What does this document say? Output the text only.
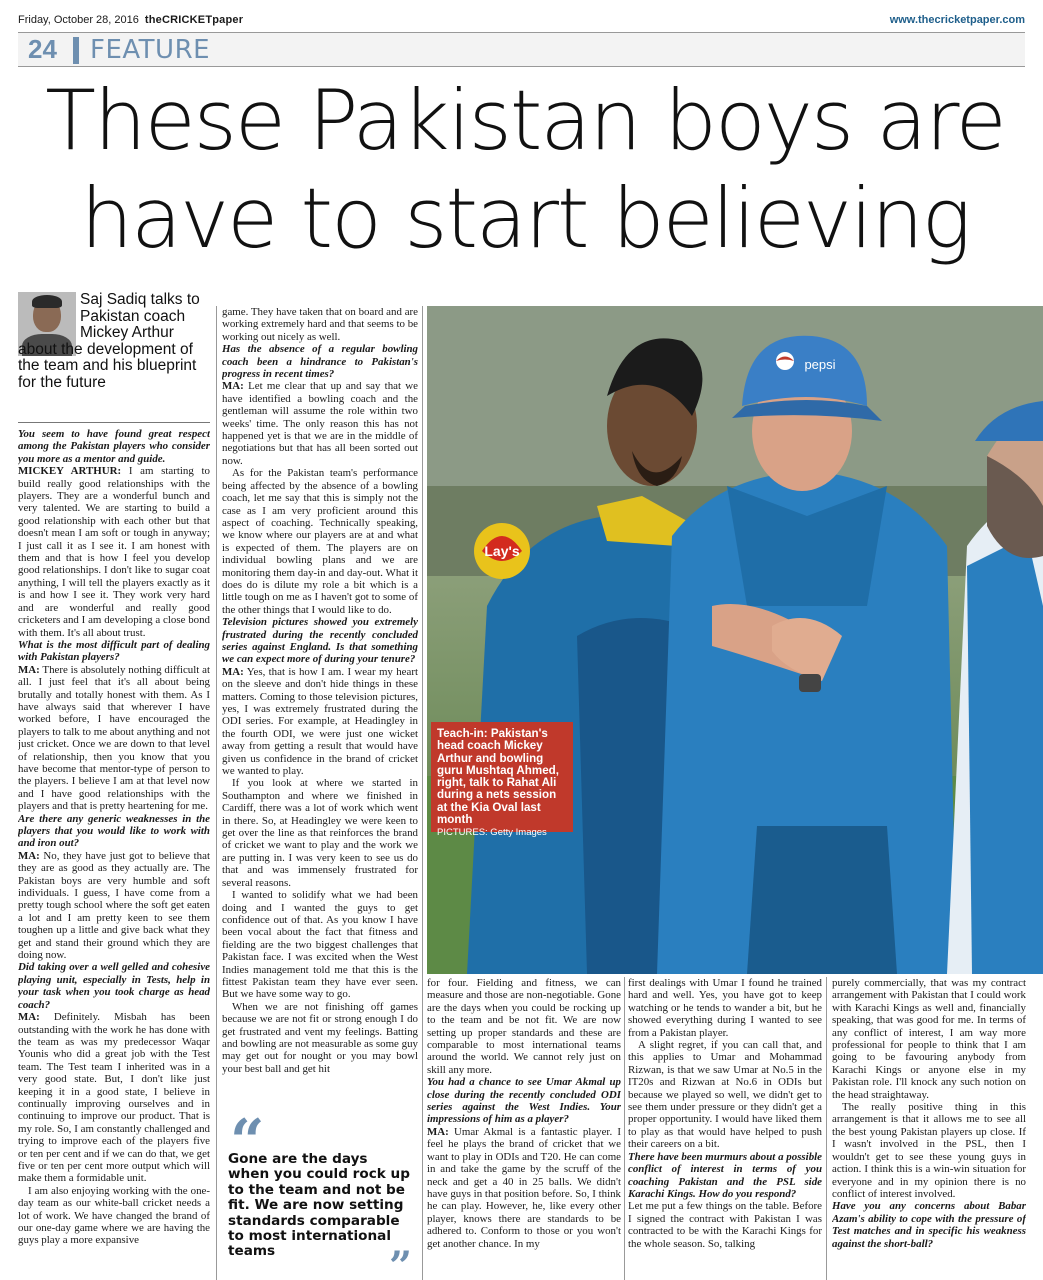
Friday, October 28, 2016 theCRICKETpaper	www.thecricketpaper.com
24 FEATURE
These Pakistan boys are have to start believing
Saj Sadiq talks to
Pakistan coach
Mickey Arthur
about the development of the team and his blueprint for the future

You seem to have found great respect among the Pakistan players who consider you more as a mentor and guide.

MICKEY ARTHUR: I am starting to build really good relationships with the players. They are a wonderful bunch and very talented. We are starting to build a good relationship with each other but that doesn't mean I am soft or tough in anyway; I just call it as I see it. I am honest with them and that is how I feel you develop good relationships. I don't like to sugar coat anything, I will tell the players exactly as it is and how I see it. They work very hard and are wonderful and really good cricketers and I am developing a close bond with them. It's all about trust.

What is the most difficult part of dealing with Pakistan players?

MA: There is absolutely nothing difficult at all. I just feel that it's all about being brutally and totally honest with them. As I have always said that wherever I have worked before, I have encouraged the players to talk to me about anything and not just cricket. Once we are down to that level of relationship, then you know that you have become that mentor-type of person to the players. I believe I am at that level now and I have good relationships with the players and that is pretty heartening for me.

Are there any generic weaknesses in the players that you would like to work with and iron out?

MA: No, they have just got to believe that they are as good as they actually are. The Pakistan boys are very humble and soft individuals. I guess, I have come from a pretty tough school where the soft get eaten a lot and I am pretty keen to see them toughen up a little and give back what they get and stand their ground which they are doing now.

Did taking over a well gelled and cohesive playing unit, especially in Tests, help in your task when you took charge as head coach?

MA: Definitely. Misbah has been outstanding with the work he has done with the team as was my predecessor Waqar Younis who did a great job with the Test team. The Test team I inherited was in a very good state. But, I don't like just keeping it in a good state, I believe in continually improving ourselves and in continuing to improve our product. That is my role. So, I am constantly challenged and trying to improve each of the players five or ten per cent and if we can do that, we get five or ten per cent more output which will make them a formidable unit.

I am also enjoying working with the one-day team as our white-ball cricket needs a lot of work. We have changed the brand of our one-day game where we are having the guys play a more expansive

game. They have taken that on board and are working extremely hard and that seems to be working out nicely as well.

Has the absence of a regular bowling coach been a hindrance to Pakistan's progress in recent times?

MA: Let me clear that up and say that we have identified a bowling coach and the gentleman will assume the role within two weeks' time. The only reason this has not happened yet is that we are in the middle of negotiations but that has all been sorted out now.

As for the Pakistan team's performance being affected by the absence of a bowling coach, let me say that this is simply not the case as I am very proficient around this aspect of coaching. Technically speaking, we know where our players are at and what is expected of them. The players are on individual bowling plans and we are monitoring them day-in and day-out. What it does do is dilute my role a bit which is a little tough on me as I haven't got to some of the other things that I would like to do.

Television pictures showed you extremely frustrated during the recently concluded series against England. Is that something we can expect more of during your tenure?

MA: Yes, that is how I am. I wear my heart on the sleeve and don't hide things in these matters. Coming to those television pictures, yes, I was extremely frustrated during the ODI series. For example, at Headingley in the fourth ODI, we were just one wicket away from getting a result that would have given us confidence in the brand of cricket we wanted to play.

If you look at where we started in Southampton and where we finished in Cardiff, there was a lot of work which went in there. So, at Headingley we were keen to get over the line as that reinforces the brand of cricket we want to play and the work we are putting in. I was very keen to see us do that and was immensely frustrated for several reasons.

I wanted to solidify what we had been doing and I wanted the guys to get confidence out of that. As you know I have been vocal about the fact that fitness and fielding are the two biggest challenges that Pakistan face. I was excited when the West Indies management told me that this is the fittest Pakistan team they have ever seen. But we have some way to go.

When we are not finishing off games because we are not fit or strong enough I do get frustrated and vent my feelings. Batting and bowling are not measurable as some guy may get out for nought or you may bowl your best ball and get hit

Lay's
pepsi
Teach-in: Pakistan's head coach Mickey Arthur and bowling guru Mushtaq Ahmed, right, talk to Rahat Ali during a nets session at the Kia Oval last month
PICTURES: Getty Images
“
Gone are the days when you could rock up to the team and not be fit. We are now setting standards comparable to most international teams	”

for four. Fielding and fitness, we can measure and those are non-negotiable. Gone are the days when you could be rocking up to the team and be not fit. We are now setting up proper standards and these are comparable to most international teams around the world. We cannot rely just on skill any more.

You had a chance to see Umar Akmal up close during the recently concluded ODI series against the West Indies. Your impressions of him as a player?

MA: Umar Akmal is a fantastic player. I feel he plays the brand of cricket that we want to play in ODIs and T20. He can come in and take the game by the scruff of the neck and get a 40 in 25 balls. We didn't have guys in that position before. So, I think he can play. However, he, like every other player, knows there are standards to be adhered to. Conform to those or you won't get another chance. In my

first dealings with Umar I found he trained hard and well. Yes, you have got to keep watching or he tends to wander a bit, but he showed everything during I wanted to see from a Pakistan player.

A slight regret, if you can call that, and this applies to Umar and Mohammad Rizwan, is that we saw Umar at No.5 in the IT20s and Rizwan at No.6 in ODIs but because we played so well, we didn't get to see them under pressure or they didn't get a proper opportunity. I would have liked them to play as that would have helped to push their careers on a bit.

There have been murmurs about a possible conflict of interest in terms of you coaching Pakistan and the PSL side Karachi Kings. How do you respond?

Let me put a few things on the table. Before I signed the contract with Pakistan I was contracted to be with the Karachi Kings for the whole season. So, talking

purely commercially, that was my contract arrangement with Pakistan that I could work with Karachi Kings as well and, financially speaking, that was good for me. In terms of any conflict of interest, I am way more professional for people to think that I am going to be favouring anybody from Karachi Kings or anyone else in my Pakistan role. I'll knock any such notion on the head straightaway.

The really positive thing in this arrangement is that it allows me to see all the best young Pakistan players up close. If I wasn't involved in the PSL, then I wouldn't get to see these young guys in action. I think this is a win-win situation for everyone and in my opinion there is no conflict of interest involved.

Have you any concerns about Babar Azam's ability to cope with the pressure of Test matches and in specific his weakness against the short-ball?
